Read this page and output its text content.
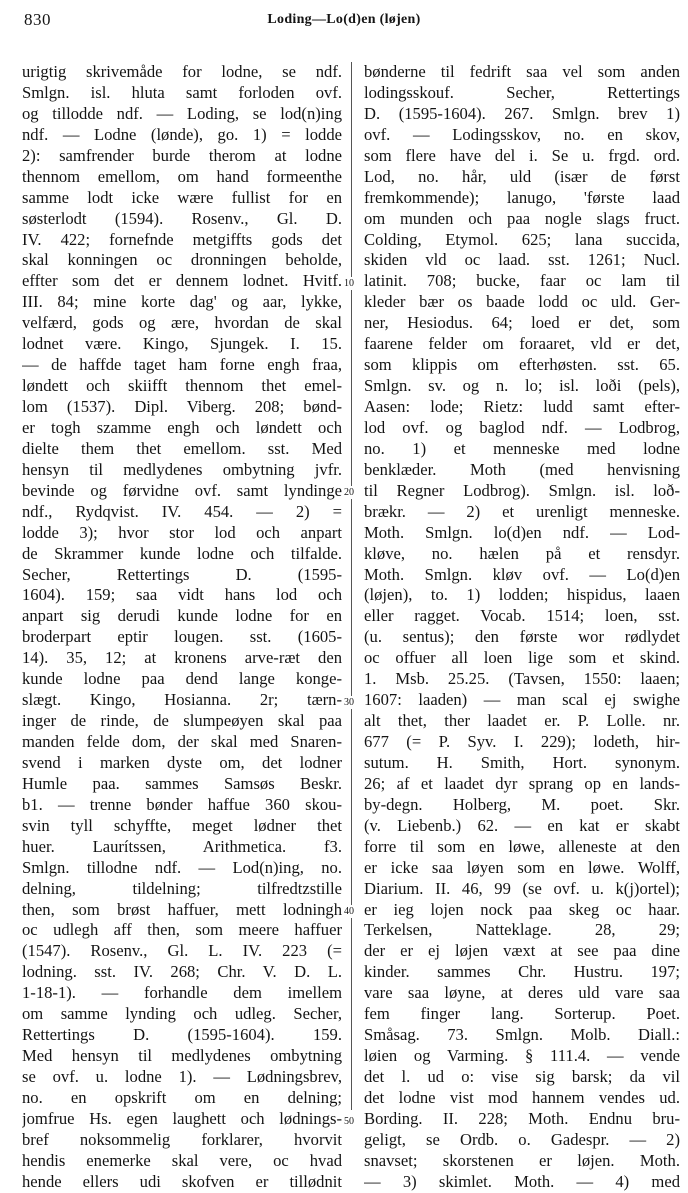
830	Loding—Lo(d)en (løjen)
urigtig skrivemåde for lodne, se ndf.
Smlgn. isl. hluta samt forloden ovf.
og tillodde ndf. — Loding, se lod(n)ing
ndf. — Lodne (lønde), go. 1) = lodde
2): samfrender burde therom at lodne
thennom emellom, om hand formeenthe
samme lodt icke wære fullist for en
søsterlodt (1594). Rosenv., Gl. D.
IV. 422; fornefnde metgiffts gods det
skal konningen oc dronningen beholde,
effter som det er dennem lodnet. Hvitf.
III. 84; mine korte dag' og aar, lykke,
velfærd, gods og ære, hvordan de skal
lodnet være. Kingo, Sjungek. I. 15.
— de haffde taget ham forne engh fraa,
løndett och skiifft thennom thet emel-
lom (1537). Dipl. Viberg. 208; bønd-
er togh szamme engh och løndett och
dielte them thet emellom. sst. Med
hensyn til medlydenes ombytning jvfr.
bevinde og førvidne ovf. samt lyndinge
ndf., Rydqvist. IV. 454. — 2) =
lodde 3); hvor stor lod och anpart
de Skrammer kunde lodne och tilfalde.
Secher, Rettertings D. (1595-
1604). 159; saa vidt hans lod och
anpart sig derudi kunde lodne for en
broderpart eptir lougen. sst. (1605-
14). 35, 12; at kronens arve-ræt den
kunde lodne paa dend lange konge-
slægt. Kingo, Hosianna. 2r; tærn-
inger de rinde, de slumpeøyen skal paa
manden felde dom, der skal med Snaren-
svend i marken dyste om, det lodner
Humle paa. sammes Samsøs Beskr.
b1. — trenne bønder haffue 360 skou-
svin tyll schyffte, meget lødner thet
huer. Laurítssen, Arithmetica. f3.
Smlgn. tillodne ndf. — Lod(n)ing, no.
delning, tildelning; tilfredtzstille
then, som brøst haffuer, mett lodningh
oc udlegh aff then, som meere haffuer
(1547). Rosenv., Gl. L. IV. 223 (=
lodning. sst. IV. 268; Chr. V. D. L.
1-18-1). — forhandle dem imellem
om samme lynding och udleg. Secher,
Rettertings D. (1595-1604). 159.
Med hensyn til medlydenes ombytning
se ovf. u. lodne 1). — Lødningsbrev,
no. en opskrift om en delning;
jomfrue Hs. egen laughett och lødnings-
bref noksommelig forklarer, hvorvit
hendis enemerke skal vere, oc hvad
hende ellers udi skofven er tillødnit
10
20
30
40
50
bønderne til fedrift saa vel som anden
lodingsskouf. Secher, Rettertings
D. (1595-1604). 267. Smlgn. brev 1)
ovf. — Lodingsskov, no. en skov,
som flere have del i. Se u. frgd. ord.
Lod, no. hår, uld (især de først
fremkommende); lanugo, 'første laad
om munden och paa nogle slags fruct.
Colding, Etymol. 625; lana succida,
skiden vld oc laad. sst. 1261; Nucl.
latinit. 708; bucke, faar oc lam til
kleder bær os baade lodd oc uld. Ger-
ner, Hesiodus. 64; loed er det, som
faarene felder om foraaret, vld er det,
som klippis om efterhøsten. sst. 65.
Smlgn. sv. og n. lo; isl. loði (pels),
Aasen: lode; Rietz: ludd samt efter-
lod ovf. og baglod ndf. — Lodbrog,
no. 1) et menneske med lodne
benklæder. Moth (med henvisning
til Regner Lodbrog). Smlgn. isl. loð-
brækr. — 2) et urenligt menneske.
Moth. Smlgn. lo(d)en ndf. — Lod-
kløve, no. hælen på et rensdyr.
Moth. Smlgn. kløv ovf. — Lo(d)en
(løjen), to. 1) lodden; hispidus, laaen
eller ragget. Vocab. 1514; loen, sst.
(u. sentus); den første wor rødlydet
oc offuer all loen lige som et skind.
1. Msb. 25.25. (Tavsen, 1550: laaen;
1607: laaden) — man scal ej swighe
alt thet, ther laadet er. P. Lolle. nr.
677 (= P. Syv. I. 229); lodeth, hir-
sutum. H. Smith, Hort. synonym.
26; af et laadet dyr sprang op en lands-
by-degn. Holberg, M. poet. Skr.
(v. Liebenb.) 62. — en kat er skabt
forre til som en løwe, alleneste at den
er icke saa løyen som en løwe. Wolff,
Diarium. II. 46, 99 (se ovf. u. k(j)ortel);
er ieg lojen nock paa skeg oc haar.
Terkelsen, Natteklage. 28, 29;
der er ej løjen væxt at see paa dine
kinder. sammes Chr. Hustru. 197;
vare saa løyne, at deres uld vare saa
fem finger lang. Sorterup. Poet.
Småsag. 73. Smlgn. Molb. Diall.:
løien og Varming. § 111.4. — vende
det l. ud o: vise sig barsk; da vil
det lodne vist mod hannem vendes ud.
Bording. II. 228; Moth. Endnu bru-
geligt, se Ordb. o. Gadespr. — 2)
snavset; skorstenen er løjen. Moth.
— 3) skimlet. Moth. — 4) med
